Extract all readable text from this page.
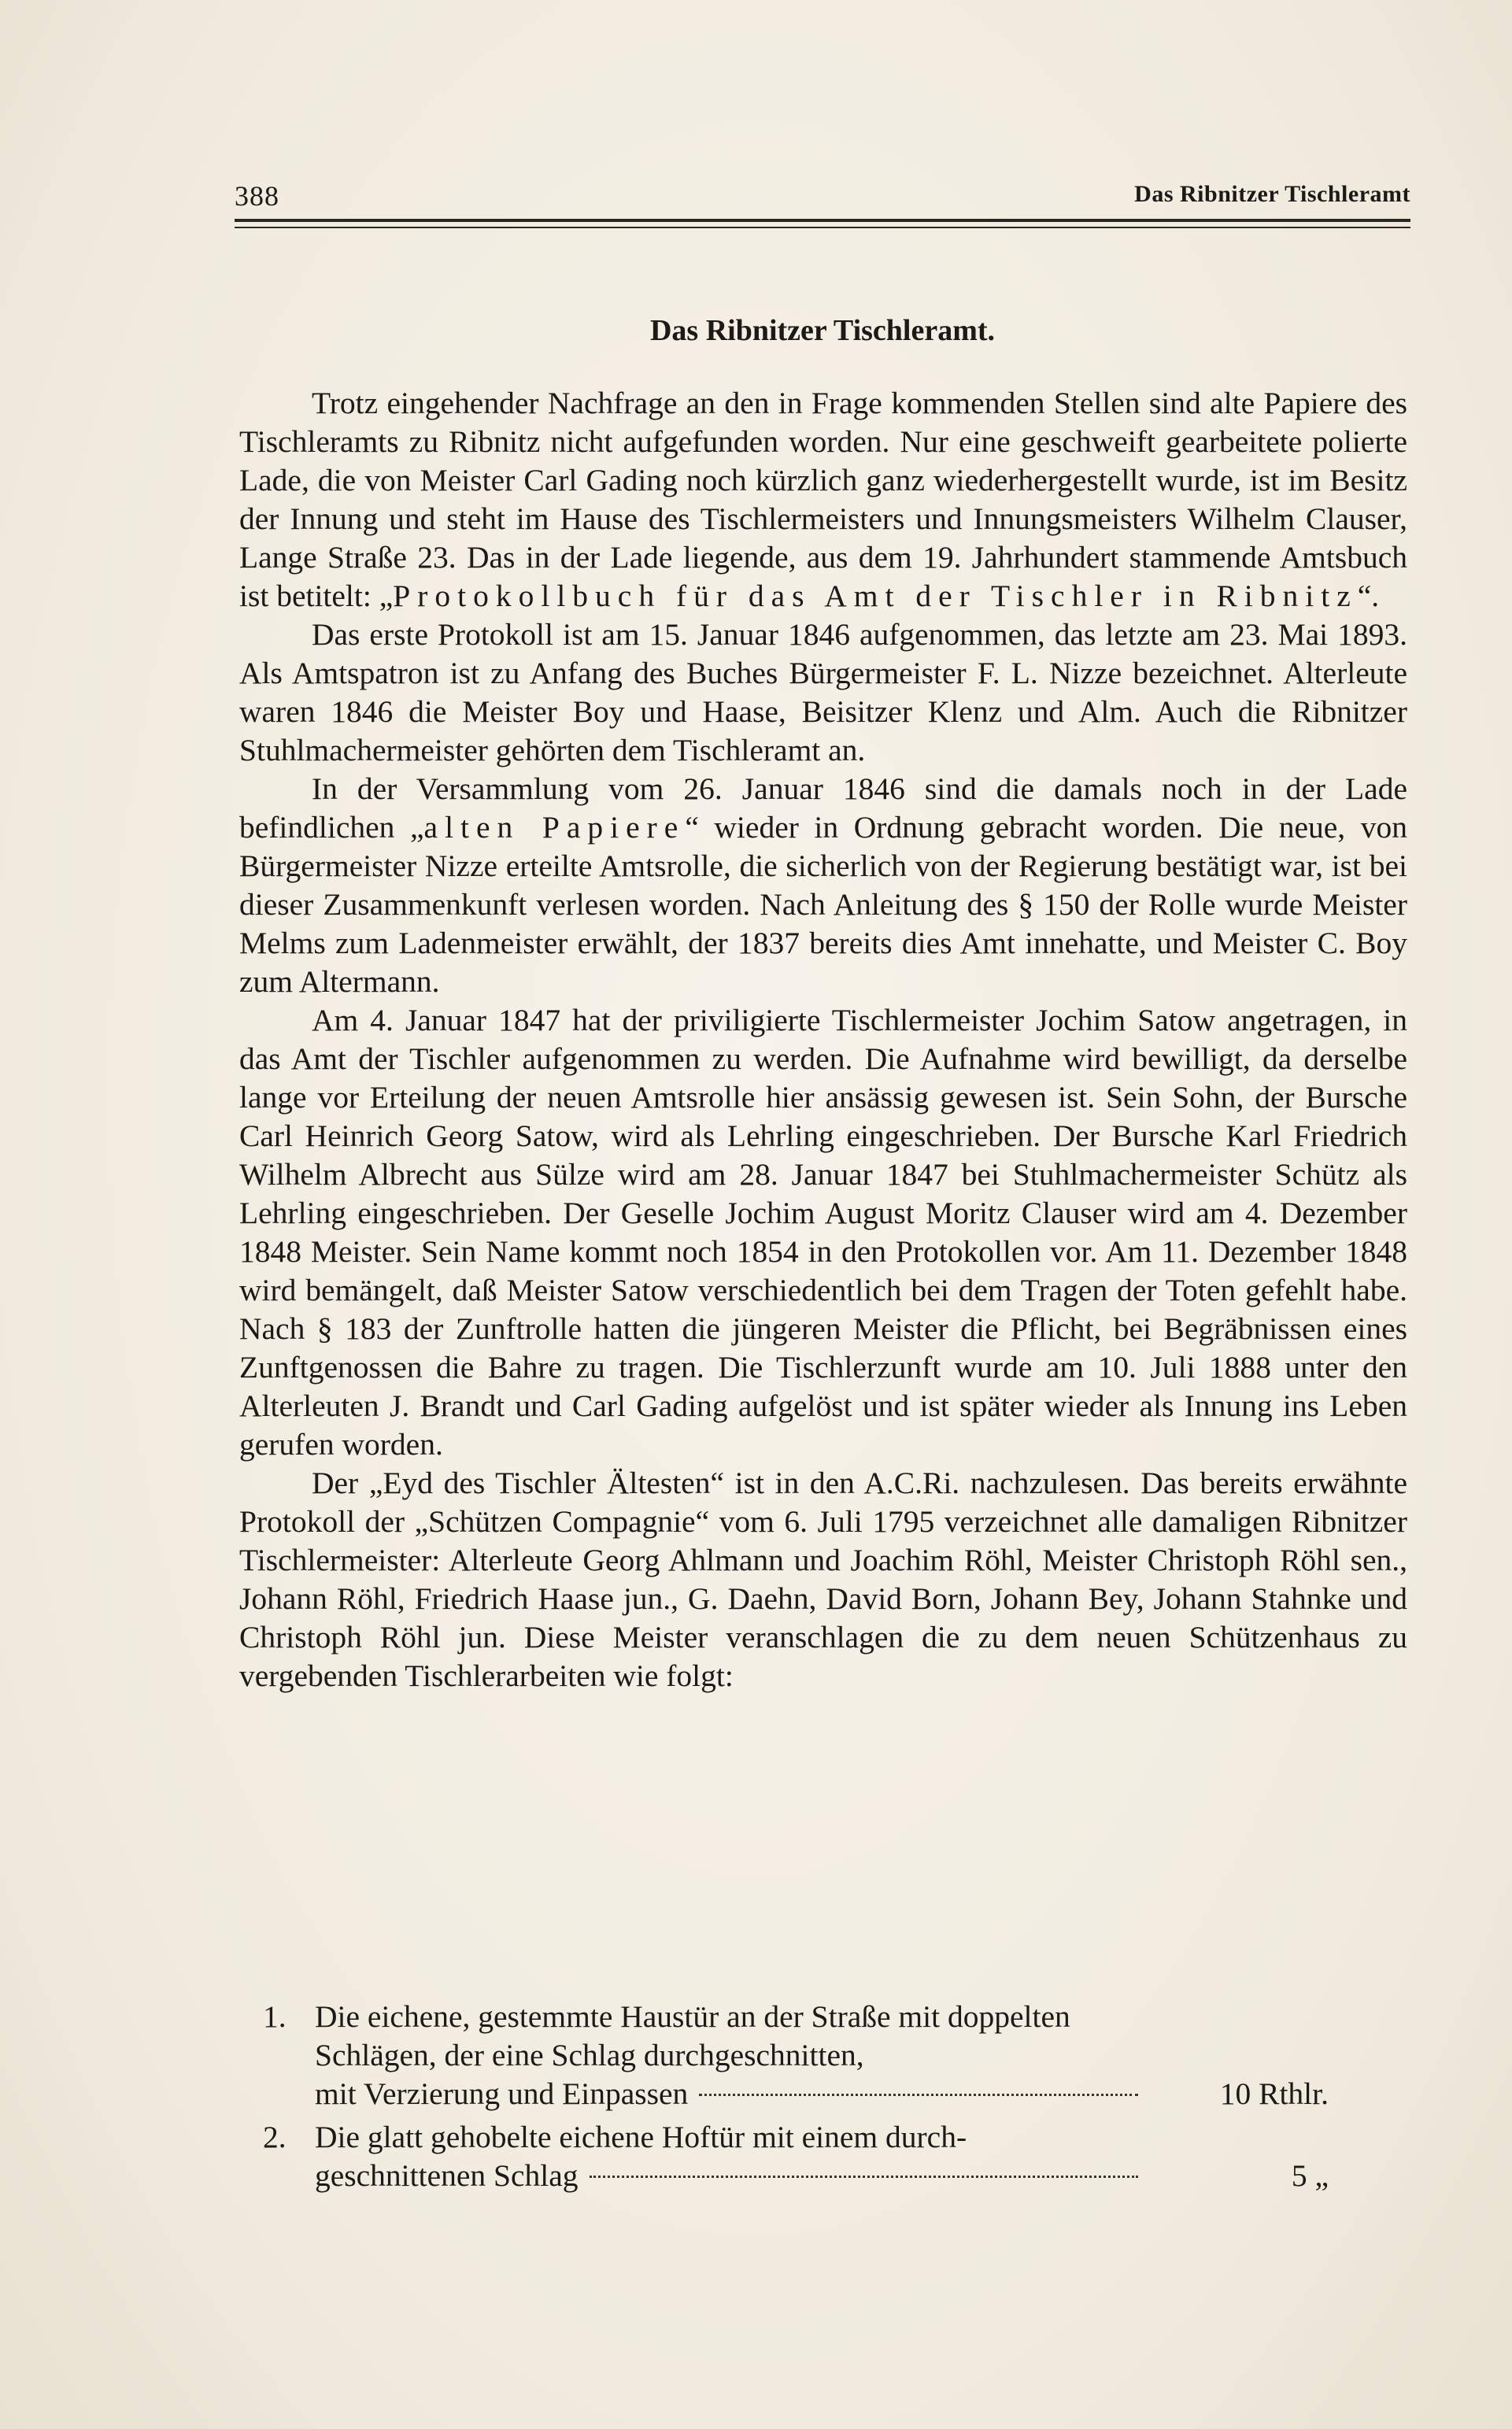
388	Das Ribnitzer Tischleramt
Das Ribnitzer Tischleramt.

Trotz eingehender Nachfrage an den in Frage kommenden Stellen sind alte Papiere des Tischleramts zu Ribnitz nicht aufgefunden worden. Nur eine geschweift gearbeitete polierte Lade, die von Meister Carl Gading noch kürzlich ganz wiederhergestellt wurde, ist im Besitz der Innung und steht im Hause des Tischlermeisters und Innungsmeisters Wilhelm Clauser, Lange Straße 23. Das in der Lade liegende, aus dem 19. Jahrhundert stammende Amtsbuch ist betitelt: „Protokollbuch für das Amt der Tischler in Ribnitz“.

Das erste Protokoll ist am 15. Januar 1846 aufgenommen, das letzte am 23. Mai 1893. Als Amtspatron ist zu Anfang des Buches Bürgermeister F. L. Nizze bezeichnet. Alterleute waren 1846 die Meister Boy und Haase, Beisitzer Klenz und Alm. Auch die Ribnitzer Stuhlmachermeister gehörten dem Tischleramt an.

In der Versammlung vom 26. Januar 1846 sind die damals noch in der Lade befindlichen „alten Papiere“ wieder in Ordnung gebracht worden. Die neue, von Bürgermeister Nizze erteilte Amtsrolle, die sicherlich von der Regierung bestätigt war, ist bei dieser Zusammenkunft verlesen worden. Nach Anleitung des § 150 der Rolle wurde Meister Melms zum Ladenmeister erwählt, der 1837 bereits dies Amt innehatte, und Meister C. Boy zum Altermann.

Am 4. Januar 1847 hat der priviligierte Tischlermeister Jochim Satow angetragen, in das Amt der Tischler aufgenommen zu werden. Die Aufnahme wird bewilligt, da derselbe lange vor Erteilung der neuen Amtsrolle hier ansässig gewesen ist. Sein Sohn, der Bursche Carl Heinrich Georg Satow, wird als Lehrling eingeschrieben. Der Bursche Karl Friedrich Wilhelm Albrecht aus Sülze wird am 28. Januar 1847 bei Stuhlmachermeister Schütz als Lehrling eingeschrieben. Der Geselle Jochim August Moritz Clauser wird am 4. Dezember 1848 Meister. Sein Name kommt noch 1854 in den Protokollen vor. Am 11. Dezember 1848 wird bemängelt, daß Meister Satow verschiedentlich bei dem Tragen der Toten gefehlt habe. Nach § 183 der Zunftrolle hatten die jüngeren Meister die Pflicht, bei Begräbnissen eines Zunftgenossen die Bahre zu tragen. Die Tischlerzunft wurde am 10. Juli 1888 unter den Alterleuten J. Brandt und Carl Gading aufgelöst und ist später wieder als Innung ins Leben gerufen worden.

Der „Eyd des Tischler Ältesten“ ist in den A.C.Ri. nachzulesen. Das bereits erwähnte Protokoll der „Schützen Compagnie“ vom 6. Juli 1795 verzeichnet alle damaligen Ribnitzer Tischlermeister: Alterleute Georg Ahlmann und Joachim Röhl, Meister Christoph Röhl sen., Johann Röhl, Friedrich Haase jun., G. Daehn, David Born, Johann Bey, Johann Stahnke und Christoph Röhl jun. Diese Meister veranschlagen die zu dem neuen Schützenhaus zu vergebenden Tischlerarbeiten wie folgt:

1. Die eichene, gestemmte Haustür an der Straße mit doppelten Schlägen, der eine Schlag durchgeschnitten,
mit Verzierung und Einpassen	10 Rthlr.
2. Die glatt gehobelte eichene Hoftür mit einem durch-
geschnittenen Schlag	5 „
